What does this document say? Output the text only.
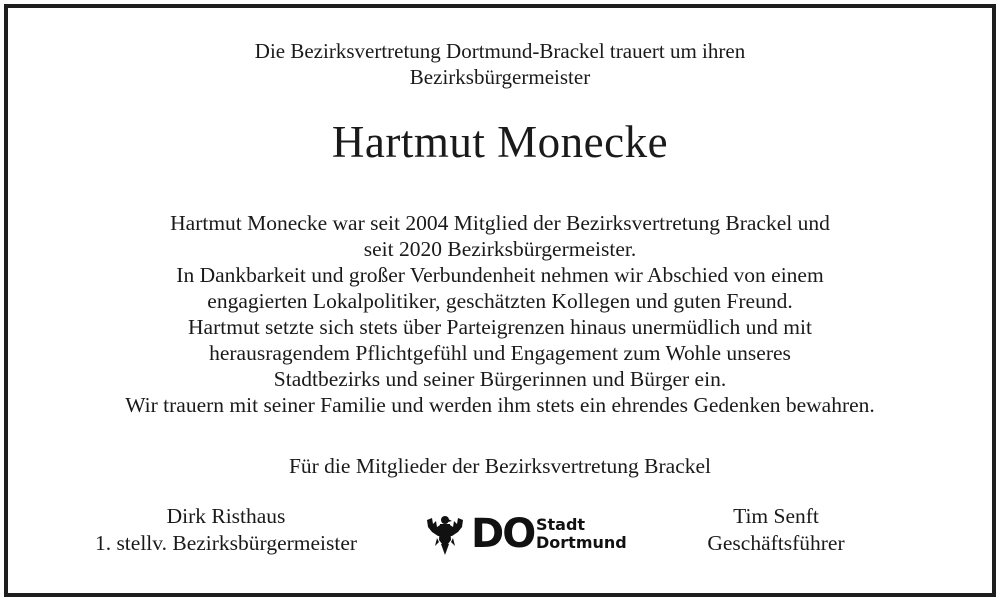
Die Bezirksvertretung Dortmund-Brackel trauert um ihren
Bezirksbürgermeister
Hartmut Monecke
Hartmut Monecke war seit 2004 Mitglied der Bezirksvertretung Brackel und
seit 2020 Bezirksbürgermeister.
In Dankbarkeit und großer Verbundenheit nehmen wir Abschied von einem
engagierten Lokalpolitiker, geschätzten Kollegen und guten Freund.
Hartmut setzte sich stets über Parteigrenzen hinaus unermüdlich und mit
herausragendem Pflichtgefühl und Engagement zum Wohle unseres
Stadtbezirks und seiner Bürgerinnen und Bürger ein.
Wir trauern mit seiner Familie und werden ihm stets ein ehrendes Gedenken bewahren.
Für die Mitglieder der Bezirksvertretung Brackel
Dirk Risthaus
1. stellv. Bezirksbürgermeister	DO Stadt
Dortmund
Tim Senft
Geschäftsführer
